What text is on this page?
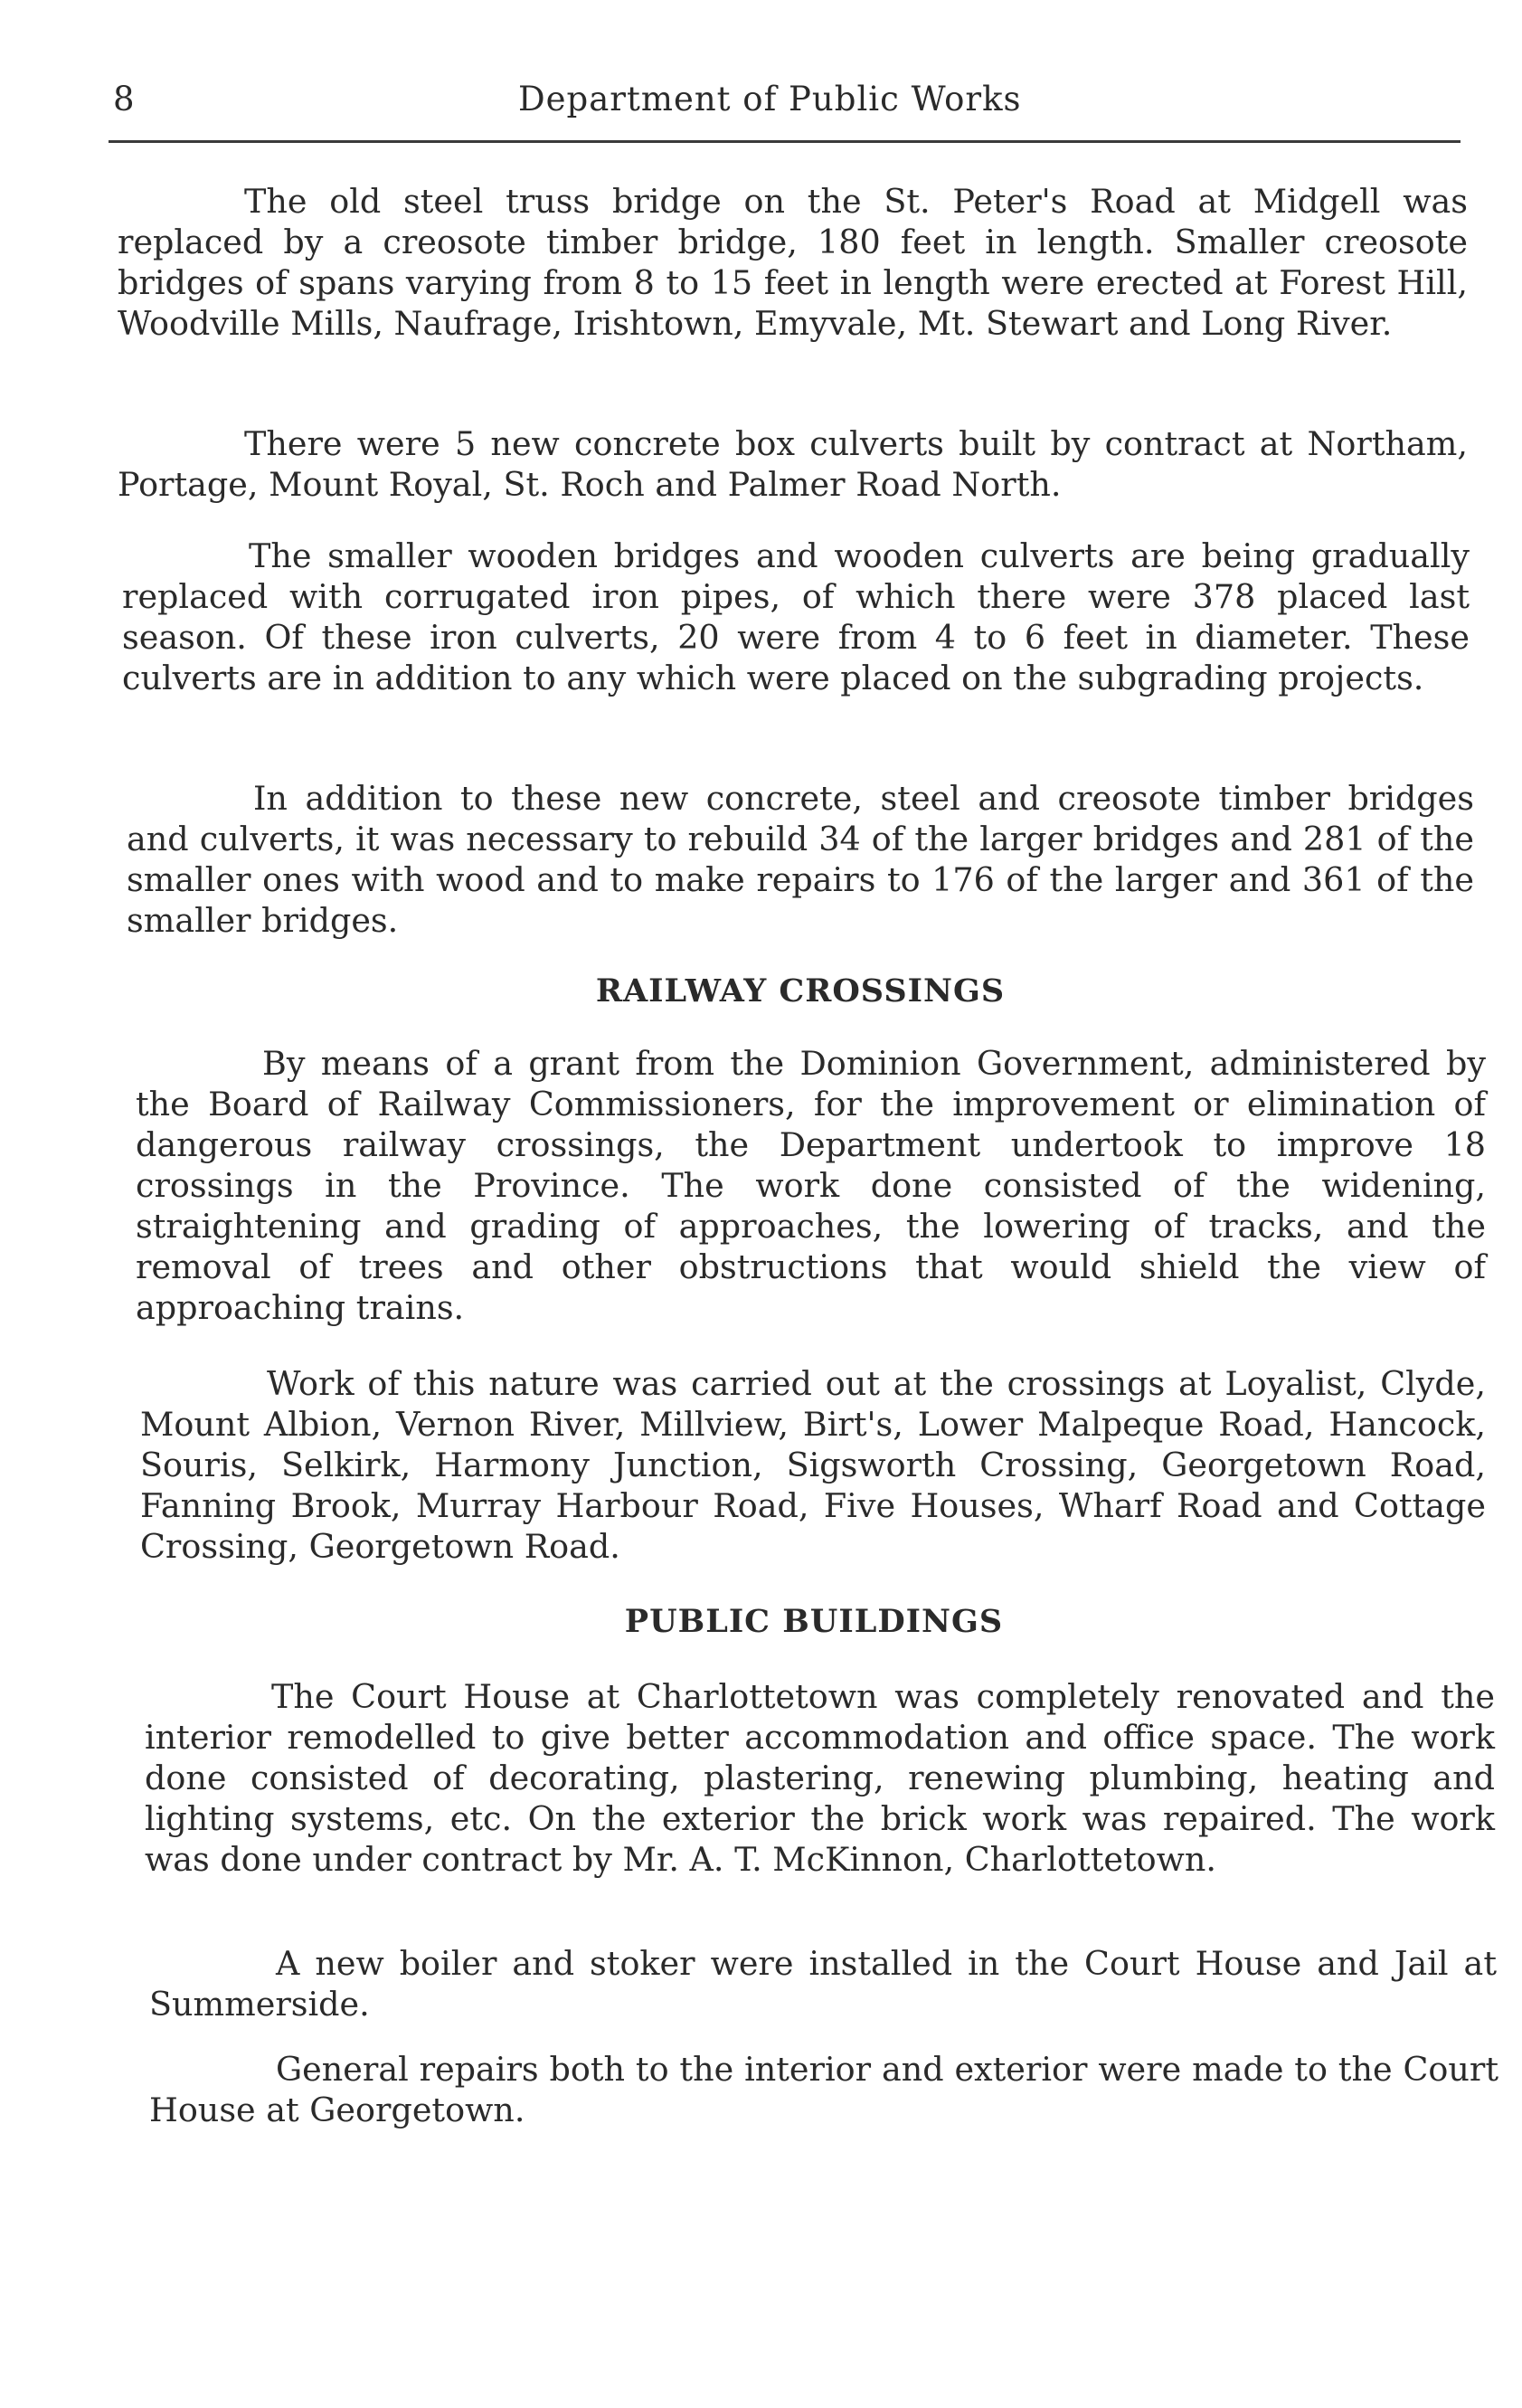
8	Department of Public Works

The old steel truss bridge on the St. Peter's Road at Midgell was replaced by a creosote timber bridge, 180 feet in length. Smaller creosote bridges of spans varying from 8 to 15 feet in length were erected at Forest Hill, Woodville Mills, Naufrage, Irishtown, Emyvale, Mt. Stewart and Long River.

There were 5 new concrete box culverts built by contract at Northam, Portage, Mount Royal, St. Roch and Palmer Road North.

The smaller wooden bridges and wooden culverts are being gradually replaced with corrugated iron pipes, of which there were 378 placed last season. Of these iron culverts, 20 were from 4 to 6 feet in diameter. These culverts are in addition to any which were placed on the subgrading projects.

In addition to these new concrete, steel and creosote timber bridges and culverts, it was necessary to rebuild 34 of the larger bridges and 281 of the smaller ones with wood and to make repairs to 176 of the larger and 361 of the smaller bridges.

RAILWAY CROSSINGS

By means of a grant from the Dominion Government, administered by the Board of Railway Commissioners, for the improvement or elimination of dangerous railway crossings, the Department undertook to improve 18 crossings in the Province. The work done consisted of the widening, straightening and grading of approaches, the lowering of tracks, and the removal of trees and other obstructions that would shield the view of approaching trains.

Work of this nature was carried out at the crossings at Loyalist, Clyde, Mount Albion, Vernon River, Millview, Birt's, Lower Malpeque Road, Hancock, Souris, Selkirk, Harmony Junction, Sigsworth Crossing, Georgetown Road, Fanning Brook, Murray Harbour Road, Five Houses, Wharf Road and Cottage Crossing, Georgetown Road.

PUBLIC BUILDINGS

The Court House at Charlottetown was completely renovated and the interior remodelled to give better accommodation and office space. The work done consisted of decorating, plastering, renewing plumbing, heating and lighting systems, etc. On the exterior the brick work was repaired. The work was done under contract by Mr. A. T. McKinnon, Charlottetown.

A new boiler and stoker were installed in the Court House and Jail at Summerside.

General repairs both to the interior and exterior were made to the Court House at Georgetown.
